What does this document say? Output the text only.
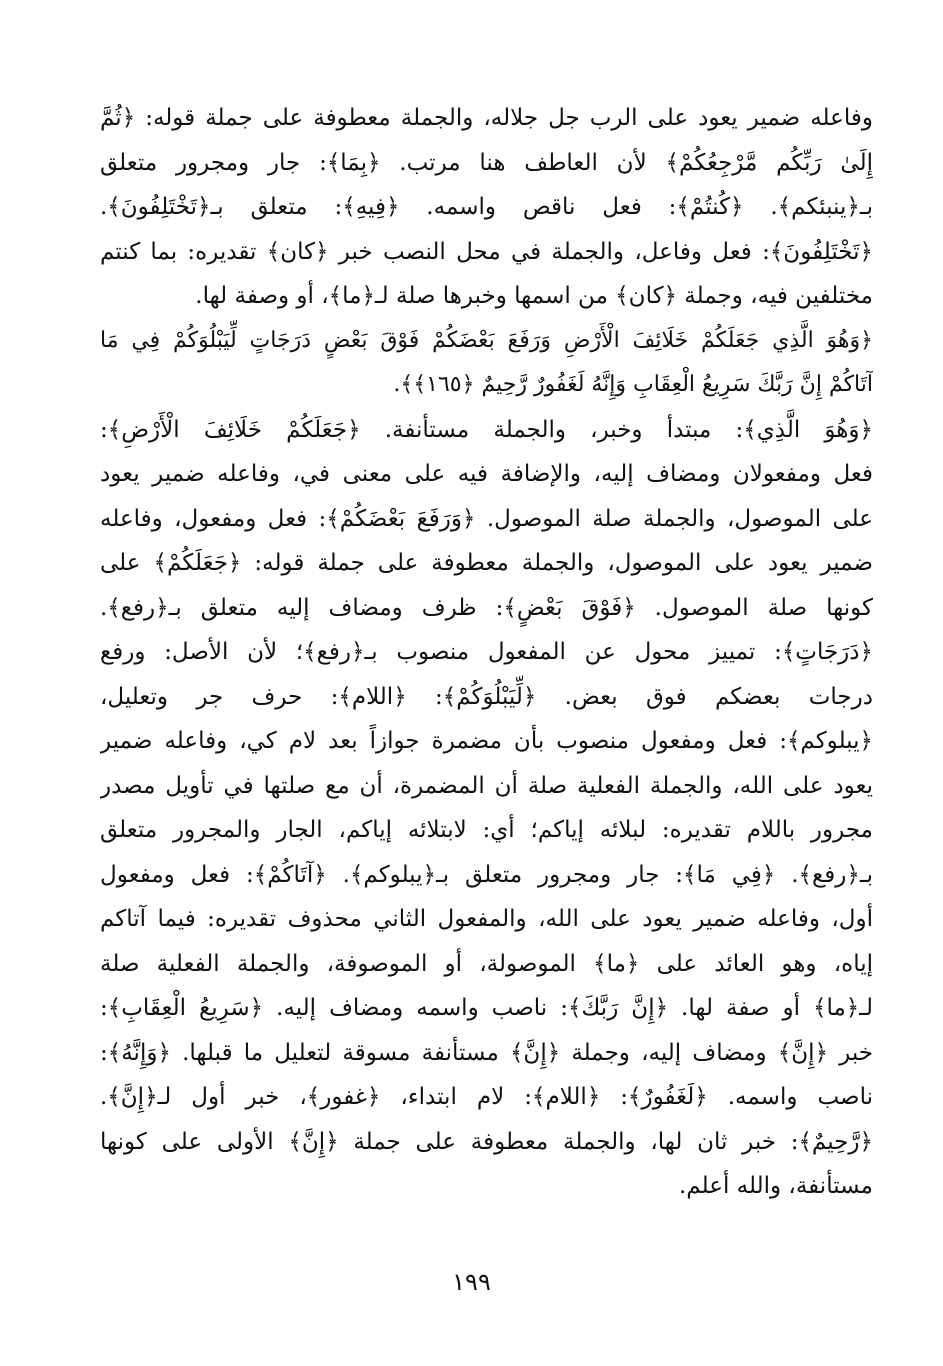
وفاعله ضمير يعود على الرب جل جلاله، والجملة معطوفة على جملة قوله: ﴿ثُمَّ
إِلَىٰ رَبِّكُم مَّرْجِعُكُمْ﴾ لأن العاطف هنا مرتب. ﴿بِمَا﴾: جار ومجرور متعلق
بـ﴿ينبئكم﴾. ﴿كُنتُمْ﴾: فعل ناقص واسمه. ﴿فِيهِ﴾: متعلق بـ﴿تَخْتَلِفُونَ﴾.
﴿تَخْتَلِفُونَ﴾: فعل وفاعل، والجملة في محل النصب خبر ﴿كان﴾ تقديره: بما كنتم
مختلفين فيه، وجملة ﴿كان﴾ من اسمها وخبرها صلة لـ﴿ما﴾، أو وصفة لها.
﴿وَهُوَ الَّذِي جَعَلَكُمْ خَلَائِفَ الْأَرْضِ وَرَفَعَ بَعْضَكُمْ فَوْقَ بَعْضٍ دَرَجَاتٍ لِّيَبْلُوَكُمْ فِي مَا
آتَاكُمْ إِنَّ رَبَّكَ سَرِيعُ الْعِقَابِ وَإِنَّهُ لَغَفُورٌ رَّحِيمٌ ﴿١٦٥﴾﴾.
﴿وَهُوَ الَّذِي﴾: مبتدأ وخبر، والجملة مستأنفة. ﴿جَعَلَكُمْ خَلَائِفَ الْأَرْضِ﴾:
فعل ومفعولان ومضاف إليه، والإضافة فيه على معنى في، وفاعله ضمير يعود
على الموصول، والجملة صلة الموصول. ﴿وَرَفَعَ بَعْضَكُمْ﴾: فعل ومفعول، وفاعله
ضمير يعود على الموصول، والجملة معطوفة على جملة قوله: ﴿جَعَلَكُمْ﴾ على
كونها صلة الموصول. ﴿فَوْقَ بَعْضٍ﴾: ظرف ومضاف إليه متعلق بـ﴿رفع﴾.
﴿دَرَجَاتٍ﴾: تمييز محول عن المفعول منصوب بـ﴿رفع﴾؛ لأن الأصل: ورفع
درجات بعضكم فوق بعض. ﴿لِّيَبْلُوَكُمْ﴾: ﴿اللام﴾: حرف جر وتعليل،
﴿يبلوكم﴾: فعل ومفعول منصوب بأن مضمرة جوازاً بعد لام كي، وفاعله ضمير
يعود على الله، والجملة الفعلية صلة أن المضمرة، أن مع صلتها في تأويل مصدر
مجرور باللام تقديره: لبلائه إياكم؛ أي: لابتلائه إياكم، الجار والمجرور متعلق
بـ﴿رفع﴾. ﴿فِي مَا﴾: جار ومجرور متعلق بـ﴿يبلوكم﴾. ﴿آتَاكُمْ﴾: فعل ومفعول
أول، وفاعله ضمير يعود على الله، والمفعول الثاني محذوف تقديره: فيما آتاكم
إياه، وهو العائد على ﴿ما﴾ الموصولة، أو الموصوفة، والجملة الفعلية صلة
لـ﴿ما﴾ أو صفة لها. ﴿إِنَّ رَبَّكَ﴾: ناصب واسمه ومضاف إليه. ﴿سَرِيعُ الْعِقَابِ﴾:
خبر ﴿إِنَّ﴾ ومضاف إليه، وجملة ﴿إِنَّ﴾ مستأنفة مسوقة لتعليل ما قبلها. ﴿وَإِنَّهُ﴾:
ناصب واسمه. ﴿لَغَفُورٌ﴾: ﴿اللام﴾: لام ابتداء، ﴿غفور﴾، خبر أول لـ﴿إِنَّ﴾.
﴿رَّحِيمٌ﴾: خبر ثان لها، والجملة معطوفة على جملة ﴿إِنَّ﴾ الأولى على كونها
مستأنفة، والله أعلم.
١٩٩
